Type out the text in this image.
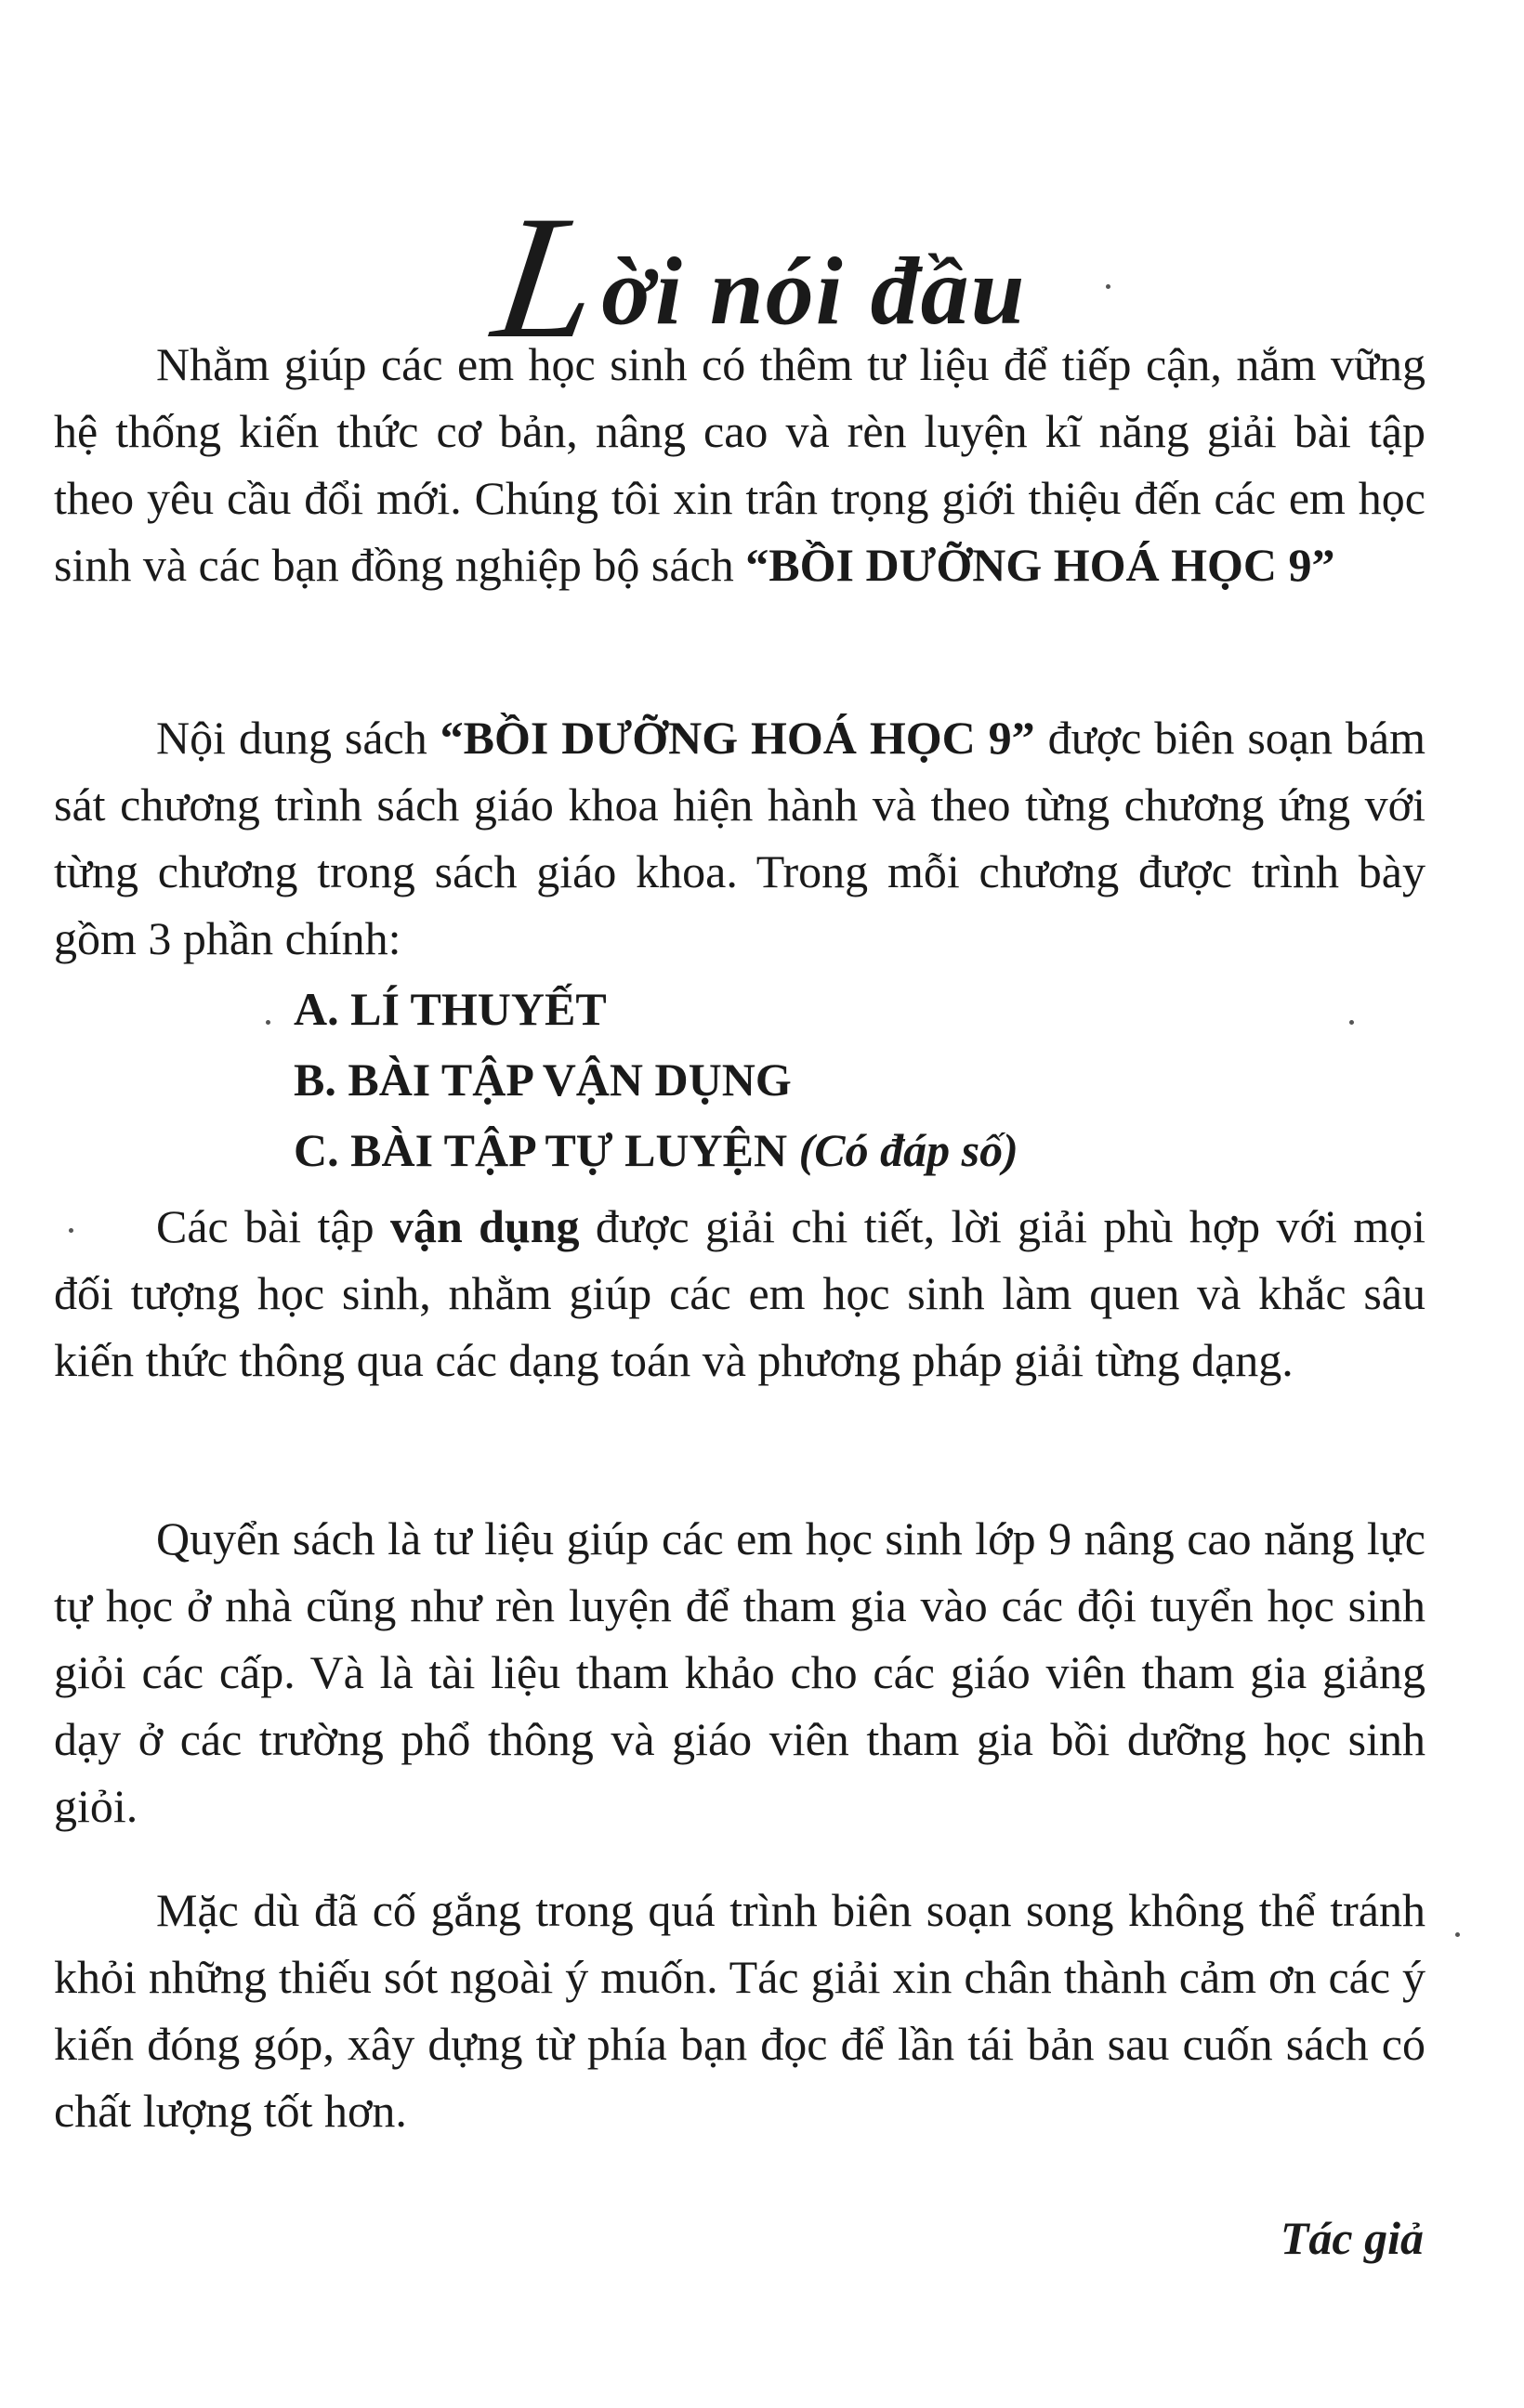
Lời nói đầu

Nhằm giúp các em học sinh có thêm tư liệu để tiếp cận, nắm vững hệ thống kiến thức cơ bản, nâng cao và rèn luyện kĩ năng giải bài tập theo yêu cầu đổi mới. Chúng tôi xin trân trọng giới thiệu đến các em học sinh và các bạn đồng nghiệp bộ sách “BỒI DƯỠNG HOÁ HỌC 9”

Nội dung sách “BỒI DƯỠNG HOÁ HỌC 9” được biên soạn bám sát chương trình sách giáo khoa hiện hành và theo từng chương ứng với từng chương trong sách giáo khoa. Trong mỗi chương được trình bày gồm 3 phần chính:

A. LÍ THUYẾT
B. BÀI TẬP VẬN DỤNG
C. BÀI TẬP TỰ LUYỆN (Có đáp số)

Các bài tập vận dụng được giải chi tiết, lời giải phù hợp với mọi đối tượng học sinh, nhằm giúp các em học sinh làm quen và khắc sâu kiến thức thông qua các dạng toán và phương pháp giải từng dạng.

Quyển sách là tư liệu giúp các em học sinh lớp 9 nâng cao năng lực tự học ở nhà cũng như rèn luyện để tham gia vào các đội tuyển học sinh giỏi các cấp. Và là tài liệu tham khảo cho các giáo viên tham gia giảng dạy ở các trường phổ thông và giáo viên tham gia bồi dưỡng học sinh giỏi.

Mặc dù đã cố gắng trong quá trình biên soạn song không thể tránh khỏi những thiếu sót ngoài ý muốn. Tác giải xin chân thành cảm ơn các ý kiến đóng góp, xây dựng từ phía bạn đọc để lần tái bản sau cuốn sách có chất lượng tốt hơn.

Tác giả
